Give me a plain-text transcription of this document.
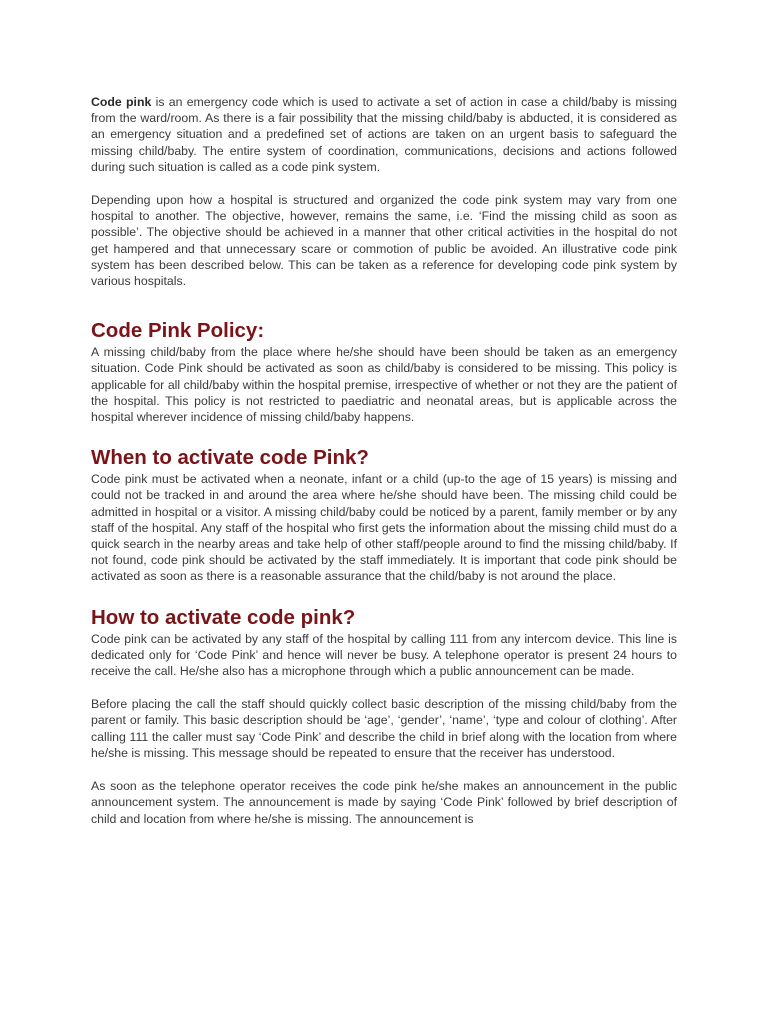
Code pink is an emergency code which is used to activate a set of action in case a child/baby is missing from the ward/room. As there is a fair possibility that the missing child/baby is abducted, it is considered as an emergency situation and a predefined set of actions are taken on an urgent basis to safeguard the missing child/baby. The entire system of coordination, communications, decisions and actions followed during such situation is called as a code pink system.

Depending upon how a hospital is structured and organized the code pink system may vary from one hospital to another. The objective, however, remains the same, i.e. ‘Find the missing child as soon as possible’. The objective should be achieved in a manner that other critical activities in the hospital do not get hampered and that unnecessary scare or commotion of public be avoided. An illustrative code pink system has been described below. This can be taken as a reference for developing code pink system by various hospitals.

Code Pink Policy:

A missing child/baby from the place where he/she should have been should be taken as an emergency situation. Code Pink should be activated as soon as child/baby is considered to be missing. This policy is applicable for all child/baby within the hospital premise, irrespective of whether or not they are the patient of the hospital. This policy is not restricted to paediatric and neonatal areas, but is applicable across the hospital wherever incidence of missing child/baby happens.

When to activate code Pink?

Code pink must be activated when a neonate, infant or a child (up-to the age of 15 years) is missing and could not be tracked in and around the area where he/she should have been. The missing child could be admitted in hospital or a visitor. A missing child/baby could be noticed by a parent, family member or by any staff of the hospital. Any staff of the hospital who first gets the information about the missing child must do a quick search in the nearby areas and take help of other staff/people around to find the missing child/baby. If not found, code pink should be activated by the staff immediately. It is important that code pink should be activated as soon as there is a reasonable assurance that the child/baby is not around the place.

How to activate code pink?

Code pink can be activated by any staff of the hospital by calling 111 from any intercom device. This line is dedicated only for ‘Code Pink’ and hence will never be busy. A telephone operator is present 24 hours to receive the call. He/she also has a microphone through which a public announcement can be made.

Before placing the call the staff should quickly collect basic description of the missing child/baby from the parent or family. This basic description should be ‘age’, ‘gender’, ‘name’, ‘type and colour of clothing’. After calling 111 the caller must say ‘Code Pink’ and describe the child in brief along with the location from where he/she is missing. This message should be repeated to ensure that the receiver has understood.

As soon as the telephone operator receives the code pink he/she makes an announcement in the public announcement system. The announcement is made by saying ‘Code Pink’ followed by brief description of child and location from where he/she is missing. The announcement is
